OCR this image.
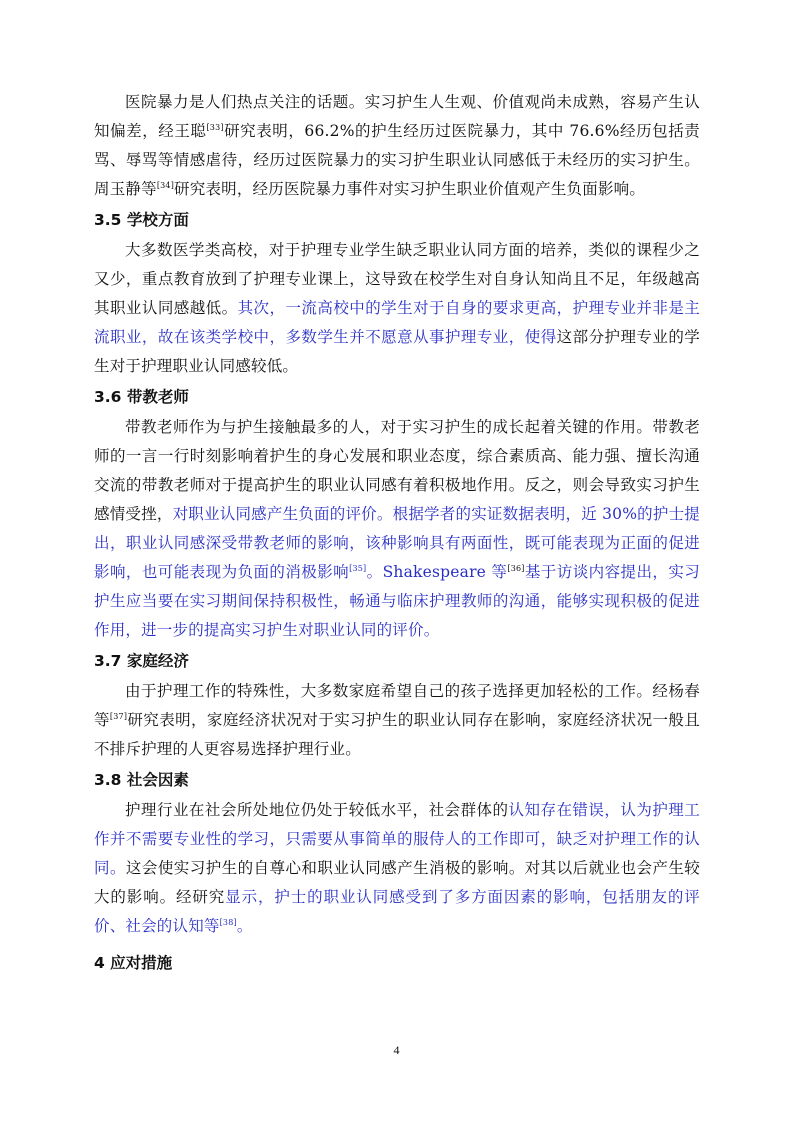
医院暴力是人们热点关注的话题。实习护生人生观、价值观尚未成熟，容易产生认知偏差，经王聪[33]研究表明，66.2%的护生经历过医院暴力，其中 76.6%经历包括责骂、辱骂等情感虐待，经历过医院暴力的实习护生职业认同感低于未经历的实习护生。周玉静等[34]研究表明，经历医院暴力事件对实习护生职业价值观产生负面影响。

3.5 学校方面

大多数医学类高校，对于护理专业学生缺乏职业认同方面的培养，类似的课程少之又少，重点教育放到了护理专业课上，这导致在校学生对自身认知尚且不足，年级越高其职业认同感越低。其次，一流高校中的学生对于自身的要求更高，护理专业并非是主流职业，故在该类学校中，多数学生并不愿意从事护理专业，使得这部分护理专业的学生对于护理职业认同感较低。

3.6 带教老师

带教老师作为与护生接触最多的人，对于实习护生的成长起着关键的作用。带教老师的一言一行时刻影响着护生的身心发展和职业态度，综合素质高、能力强、擅长沟通交流的带教老师对于提高护生的职业认同感有着积极地作用。反之，则会导致实习护生感情受挫，对职业认同感产生负面的评价。根据学者的实证数据表明，近 30%的护士提出，职业认同感深受带教老师的影响，该种影响具有两面性，既可能表现为正面的促进影响，也可能表现为负面的消极影响[35]。Shakespeare 等[36]基于访谈内容提出，实习护生应当要在实习期间保持积极性，畅通与临床护理教师的沟通，能够实现积极的促进作用，进一步的提高实习护生对职业认同的评价。

3.7 家庭经济

由于护理工作的特殊性，大多数家庭希望自己的孩子选择更加轻松的工作。经杨春等[37]研究表明，家庭经济状况对于实习护生的职业认同存在影响，家庭经济状况一般且不排斥护理的人更容易选择护理行业。

3.8 社会因素

护理行业在社会所处地位仍处于较低水平，社会群体的认知存在错误，认为护理工作并不需要专业性的学习，只需要从事简单的服侍人的工作即可，缺乏对护理工作的认同。这会使实习护生的自尊心和职业认同感产生消极的影响。对其以后就业也会产生较大的影响。经研究显示，护士的职业认同感受到了多方面因素的影响，包括朋友的评价、社会的认知等[38]。

4 应对措施
4
